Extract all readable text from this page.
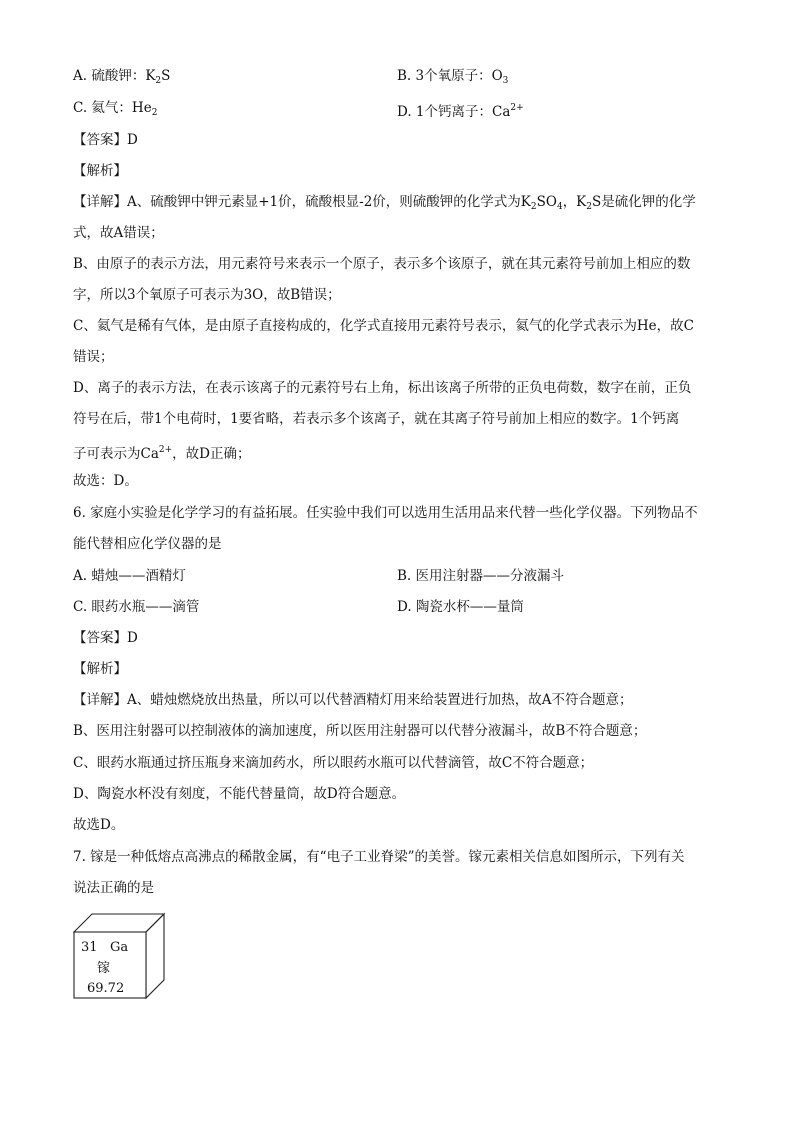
A. 硫酸钾：$K_2S$	B. 3个氧原子：$O_3$
C. 氦气：$He_2$	D. 1个钙离子：$Ca^{2+}$
【答案】D
【解析】
【详解】A、硫酸钾中钾元素显+1价，硫酸根显-2价，则硫酸钾的化学式为$K_2SO_4$，$K_2S$是硫化钾的化学
式，故A错误；
B、由原子的表示方法，用元素符号来表示一个原子，表示多个该原子，就在其元素符号前加上相应的数
字，所以3个氧原子可表示为3O，故B错误；
C、氦气是稀有气体，是由原子直接构成的，化学式直接用元素符号表示，氦气的化学式表示为He，故C
错误；
D、离子的表示方法，在表示该离子的元素符号右上角，标出该离子所带的正负电荷数，数字在前，正负
符号在后，带1个电荷时，1要省略，若表示多个该离子，就在其离子符号前加上相应的数字。1个钙离
子可表示为$Ca^{2+}$，故D正确；
故选：D。
6. 家庭小实验是化学学习的有益拓展。任实验中我们可以选用生活用品来代替一些化学仪器。下列物品不
能代替相应化学仪器的是
A. 蜡烛——酒精灯	B. 医用注射器——分液漏斗
C. 眼药水瓶——滴管	D. 陶瓷水杯——量筒
【答案】D
【解析】
【详解】A、蜡烛燃烧放出热量，所以可以代替酒精灯用来给装置进行加热，故A不符合题意；
B、医用注射器可以控制液体的滴加速度，所以医用注射器可以代替分液漏斗，故B不符合题意；
C、眼药水瓶通过挤压瓶身来滴加药水，所以眼药水瓶可以代替滴管，故C不符合题意；
D、陶瓷水杯没有刻度，不能代替量筒，故D符合题意。
故选D。
7. 镓是一种低熔点高沸点的稀散金属，有“电子工业脊梁”的美誉。镓元素相关信息如图所示，下列有关
说法正确的是
31 Ga
镓
69.72
